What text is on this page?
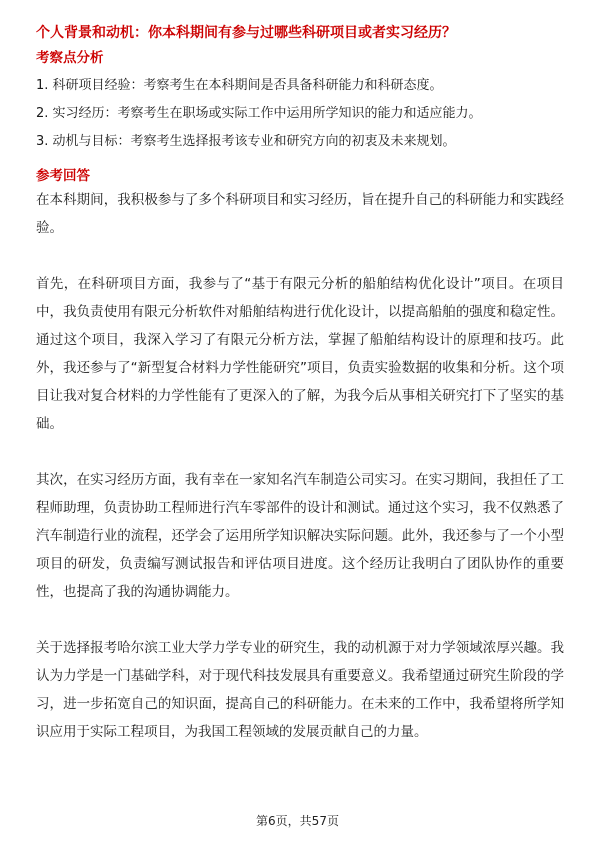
个人背景和动机：你本科期间有参与过哪些科研项目或者实习经历？

考察点分析

1. 科研项目经验：考察考生在本科期间是否具备科研能力和科研态度。

2. 实习经历：考察考生在职场或实际工作中运用所学知识的能力和适应能力。

3. 动机与目标：考察考生选择报考该专业和研究方向的初衷及未来规划。

参考回答

在本科期间，我积极参与了多个科研项目和实习经历，旨在提升自己的科研能力和实践经验。

首先，在科研项目方面，我参与了“基于有限元分析的船舶结构优化设计”项目。在项目中，我负责使用有限元分析软件对船舶结构进行优化设计，以提高船舶的强度和稳定性。通过这个项目，我深入学习了有限元分析方法，掌握了船舶结构设计的原理和技巧。此外，我还参与了“新型复合材料力学性能研究”项目，负责实验数据的收集和分析。这个项目让我对复合材料的力学性能有了更深入的了解，为我今后从事相关研究打下了坚实的基础。

其次，在实习经历方面，我有幸在一家知名汽车制造公司实习。在实习期间，我担任了工程师助理，负责协助工程师进行汽车零部件的设计和测试。通过这个实习，我不仅熟悉了汽车制造行业的流程，还学会了运用所学知识解决实际问题。此外，我还参与了一个小型项目的研发，负责编写测试报告和评估项目进度。这个经历让我明白了团队协作的重要性，也提高了我的沟通协调能力。

关于选择报考哈尔滨工业大学力学专业的研究生，我的动机源于对力学领域浓厚兴趣。我认为力学是一门基础学科，对于现代科技发展具有重要意义。我希望通过研究生阶段的学习，进一步拓宽自己的知识面，提高自己的科研能力。在未来的工作中，我希望将所学知识应用于实际工程项目，为我国工程领域的发展贡献自己的力量。

第6页，共57页
